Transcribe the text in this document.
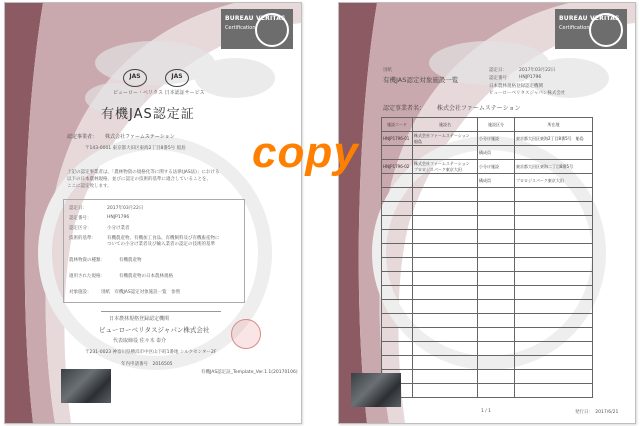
BUREAU VERITAS
Certification
JAS	JAS
ビューロー・ベリタス 日本認証サービス
有機JAS認定証
認定事業者： 株式会社ファームステーション
〒143-0001 東京都大田区東海2丁目8番5号 船島
上記の認定事業者は、「農林物資の規格化等に関する法律(JAS法)」における
以下の日本農林規格、並びに認定の技術的基準に適合していることを、
ここに認定致します。
認定日：	2017年03月22日
認定番号：	HNJP1796
認定区分：	小分け業者
技術的基準： 有機農産物、有機加工食品、有機飼料及び有機畜産物に
ついての小分け業者及び輸入業者の認定の技術的基準
農林物資の種類：	有機農産物
適用された規格：	有機農産物の日本農林規格
対象施設： 別紙　有機JAS認定対象施設一覧　参照
日本農林規格登録認定機関
ビューローベリタスジャパン株式会社
代表取締役 佐々木 泰介
〒231-0023 神奈川県横浜市中区山下町1番地 シルクセンター2F
年内申請番号　2016505
有機JAS認定証_Template_Ver.1.1(20170106)
BUREAU VERITAS
Certification
別紙
有機JAS認定対象施設一覧
認定日：	2017年03月22日
認定番号： HNJP1796
日本農林規格登録認定機関
ビューローベリタスジャパン株式会社
認定事業者名： 株式会社ファームステーション
施設コード	施設名	施設区分	所在地
HNJP1796-01	株式会社ファームステーション　船島	小分け施設	東京都大田区東海2丁目8番5号　船島
		構成員	
HNJP1796-02	株式会社ファームステーション　プロロジスパーク東京大田	小分け施設	東京都大田区東海二丁目8番5号
		構成員	プロロジスパーク東京大田

1 / 1	発行日：　2017/6/21
copy
